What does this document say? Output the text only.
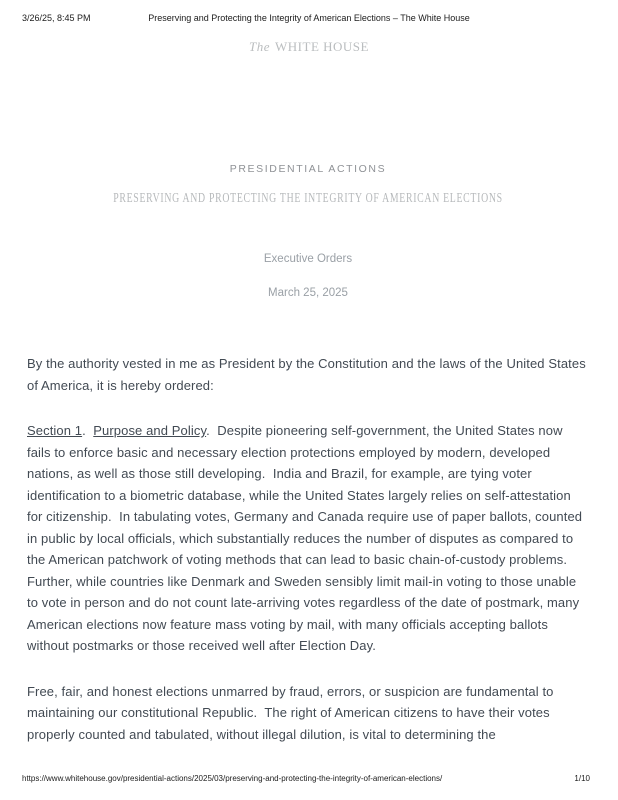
3/26/25, 8:45 PM	Preserving and Protecting the Integrity of American Elections – The White House
The WHITE HOUSE
PRESIDENTIAL ACTIONS
PRESERVING AND PROTECTING THE INTEGRITY OF AMERICAN ELECTIONS
Executive Orders
March 25, 2025

By the authority vested in me as President by the Constitution and the laws of the United States of America, it is hereby ordered:

Section 1.  Purpose and Policy.  Despite pioneering self-government, the United States now fails to enforce basic and necessary election protections employed by modern, developed nations, as well as those still developing.  India and Brazil, for example, are tying voter identification to a biometric database, while the United States largely relies on self-attestation for citizenship.  In tabulating votes, Germany and Canada require use of paper ballots, counted in public by local officials, which substantially reduces the number of disputes as compared to the American patchwork of voting methods that can lead to basic chain-of-custody problems.  Further, while countries like Denmark and Sweden sensibly limit mail-in voting to those unable to vote in person and do not count late-arriving votes regardless of the date of postmark, many American elections now feature mass voting by mail, with many officials accepting ballots without postmarks or those received well after Election Day.

Free, fair, and honest elections unmarred by fraud, errors, or suspicion are fundamental to maintaining our constitutional Republic.  The right of American citizens to have their votes properly counted and tabulated, without illegal dilution, is vital to determining the

https://www.whitehouse.gov/presidential-actions/2025/03/preserving-and-protecting-the-integrity-of-american-elections/	1/10
